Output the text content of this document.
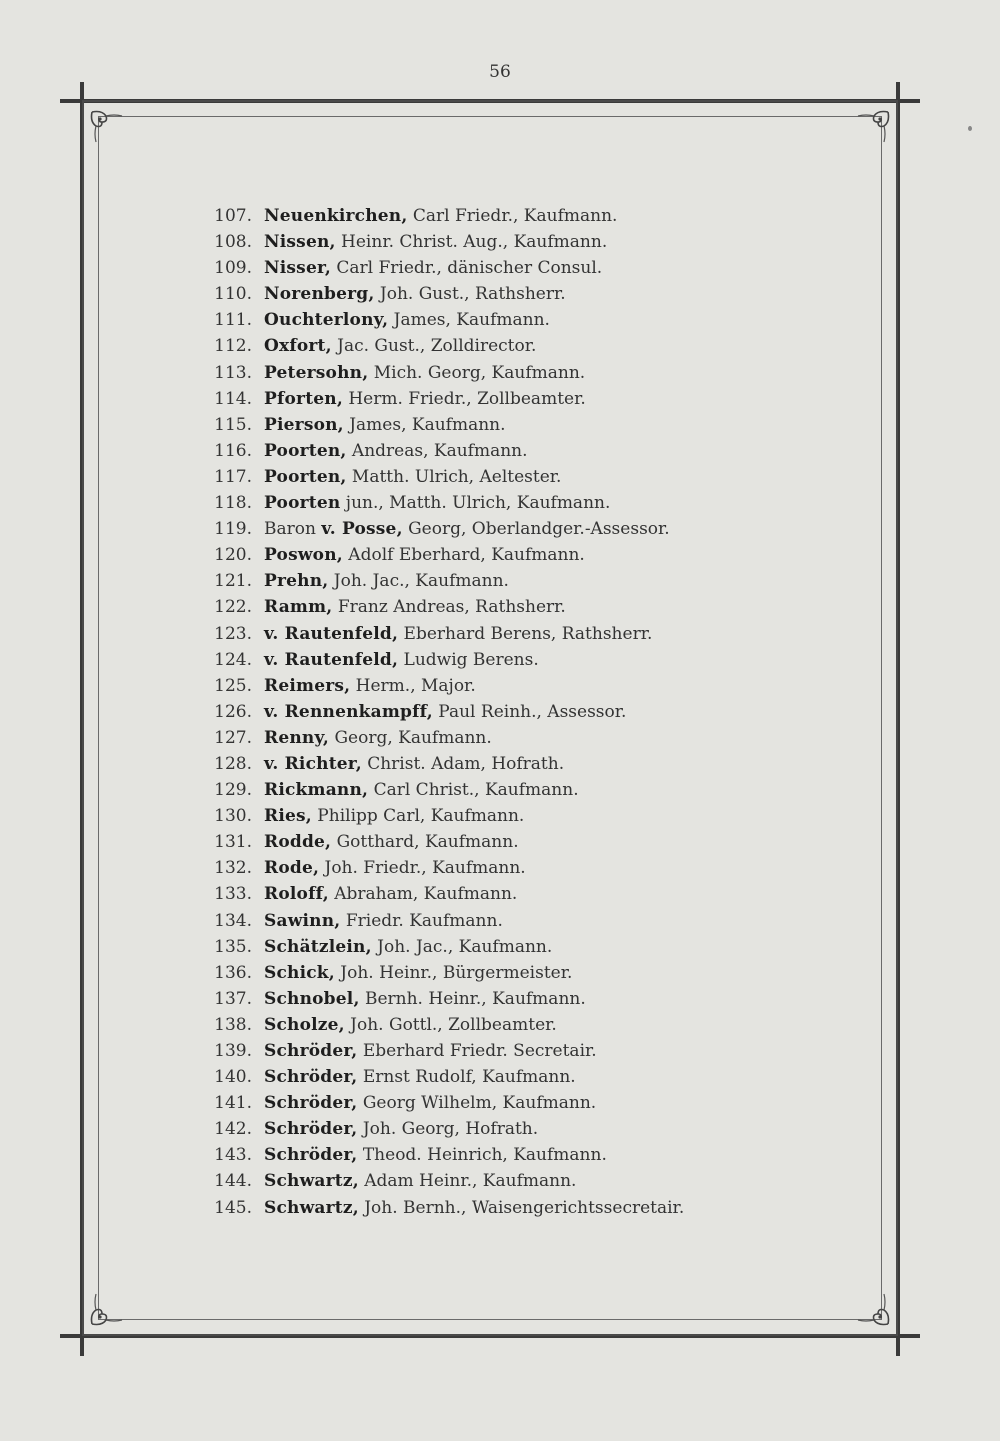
56
107. Neuenkirchen, Carl Friedr., Kaufmann.
108. Nissen, Heinr. Christ. Aug., Kaufmann.
109. Nisser, Carl Friedr., dänischer Consul.
110. Norenberg, Joh. Gust., Rathsherr.
111. Ouchterlony, James, Kaufmann.
112. Oxfort, Jac. Gust., Zolldirector.
113. Petersohn, Mich. Georg, Kaufmann.
114. Pforten, Herm. Friedr., Zollbeamter.
115. Pierson, James, Kaufmann.
116. Poorten, Andreas, Kaufmann.
117. Poorten, Matth. Ulrich, Aeltester.
118. Poorten jun., Matth. Ulrich, Kaufmann.
119. Baron v. Posse, Georg, Oberlandger.-Assessor.
120. Poswon, Adolf Eberhard, Kaufmann.
121. Prehn, Joh. Jac., Kaufmann.
122. Ramm, Franz Andreas, Rathsherr.
123. v. Rautenfeld, Eberhard Berens, Rathsherr.
124. v. Rautenfeld, Ludwig Berens.
125. Reimers, Herm., Major.
126. v. Rennenkampff, Paul Reinh., Assessor.
127. Renny, Georg, Kaufmann.
128. v. Richter, Christ. Adam, Hofrath.
129. Rickmann, Carl Christ., Kaufmann.
130. Ries, Philipp Carl, Kaufmann.
131. Rodde, Gotthard, Kaufmann.
132. Rode, Joh. Friedr., Kaufmann.
133. Roloff, Abraham, Kaufmann.
134. Sawinn, Friedr. Kaufmann.
135. Schätzlein, Joh. Jac., Kaufmann.
136. Schick, Joh. Heinr., Bürgermeister.
137. Schnobel, Bernh. Heinr., Kaufmann.
138. Scholze, Joh. Gottl., Zollbeamter.
139. Schröder, Eberhard Friedr. Secretair.
140. Schröder, Ernst Rudolf, Kaufmann.
141. Schröder, Georg Wilhelm, Kaufmann.
142. Schröder, Joh. Georg, Hofrath.
143. Schröder, Theod. Heinrich, Kaufmann.
144. Schwartz, Adam Heinr., Kaufmann.
145. Schwartz, Joh. Bernh., Waisengerichtssecretair.
